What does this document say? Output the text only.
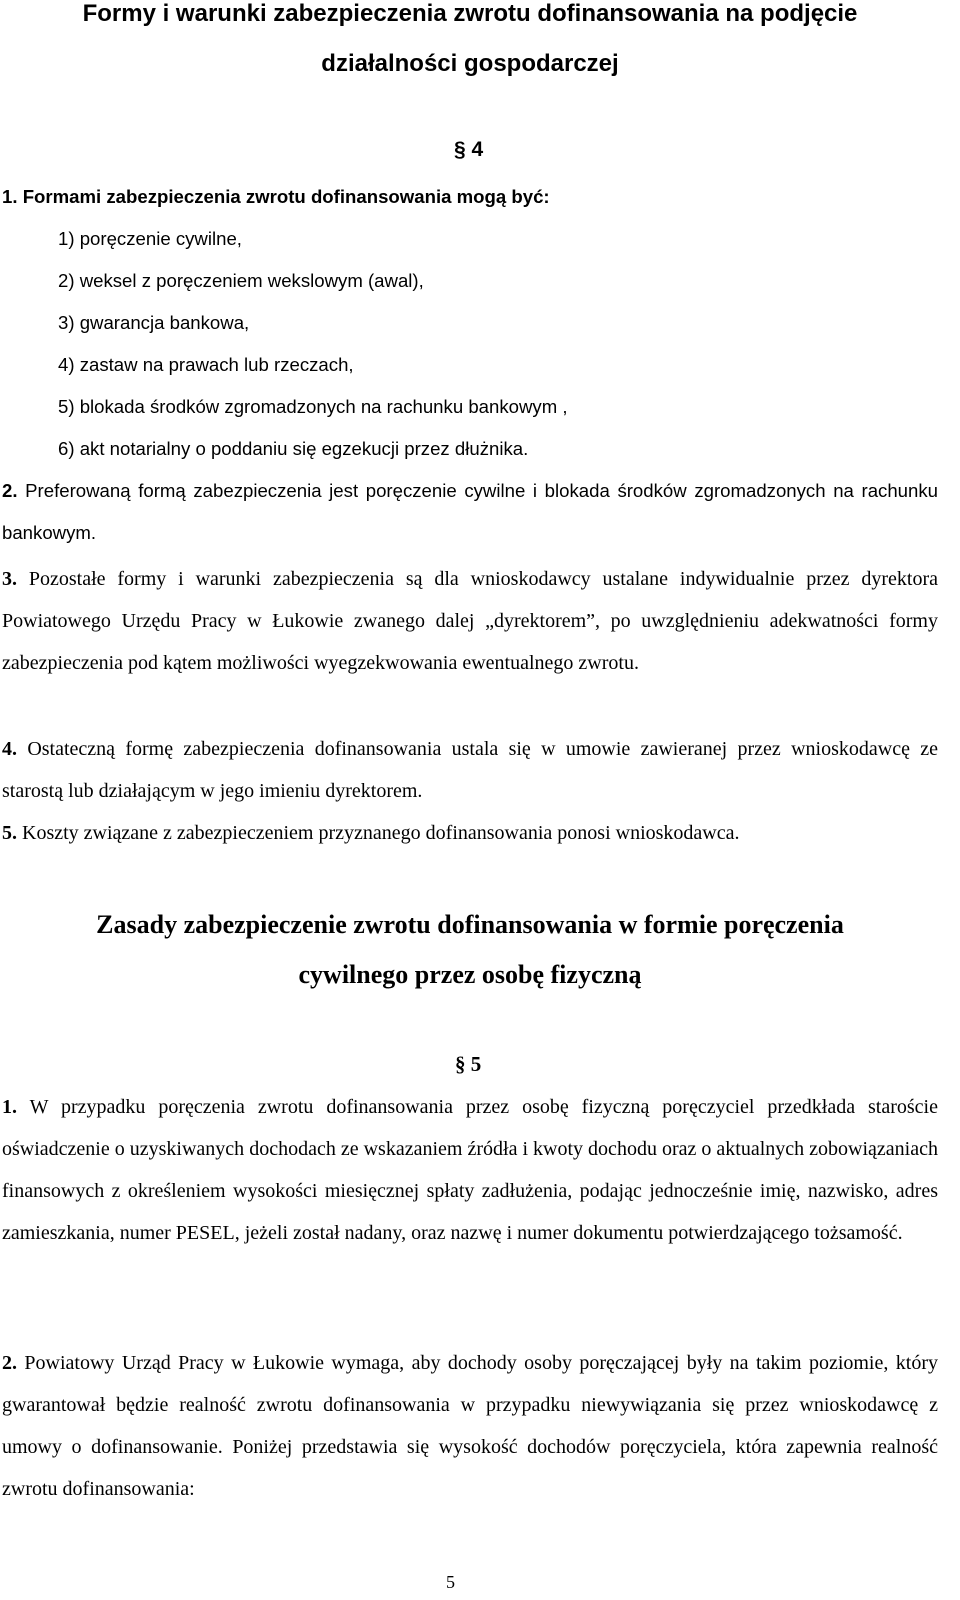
Formy i warunki zabezpieczenia zwrotu dofinansowania na podjęcie
działalności gospodarczej
§ 4
1. Formami zabezpieczenia zwrotu dofinansowania mogą być:
1) poręczenie cywilne,
2) weksel z poręczeniem wekslowym (awal),
3) gwarancja bankowa,
4) zastaw na prawach lub rzeczach,
5) blokada środków zgromadzonych na rachunku bankowym ,
6) akt notarialny o poddaniu się egzekucji przez dłużnika.
2. Preferowaną formą zabezpieczenia jest poręczenie cywilne i blokada środków zgromadzonych na rachunku bankowym.
3. Pozostałe formy i warunki zabezpieczenia są dla wnioskodawcy ustalane indywidualnie przez dyrektora Powiatowego Urzędu Pracy w Łukowie zwanego dalej „dyrektorem”, po uwzględnieniu adekwatności formy zabezpieczenia pod kątem możliwości wyegzekwowania ewentualnego zwrotu.
4. Ostateczną formę zabezpieczenia dofinansowania ustala się w umowie zawieranej przez wnioskodawcę ze starostą lub działającym w jego imieniu dyrektorem.
5. Koszty związane z zabezpieczeniem przyznanego dofinansowania ponosi wnioskodawca.
Zasady zabezpieczenie zwrotu dofinansowania w formie poręczenia
cywilnego przez osobę fizyczną
§ 5
1. W przypadku poręczenia zwrotu dofinansowania przez osobę fizyczną poręczyciel przedkłada staroście oświadczenie o uzyskiwanych dochodach ze wskazaniem źródła i kwoty dochodu oraz o aktualnych zobowiązaniach finansowych z określeniem wysokości miesięcznej spłaty zadłużenia, podając jednocześnie imię, nazwisko, adres zamieszkania, numer PESEL, jeżeli został nadany, oraz nazwę i numer dokumentu potwierdzającego tożsamość.
2. Powiatowy Urząd Pracy w Łukowie wymaga, aby dochody osoby poręczającej były na takim poziomie, który gwarantował będzie realność zwrotu dofinansowania w przypadku niewywiązania się przez wnioskodawcę z umowy o dofinansowanie. Poniżej przedstawia się wysokość dochodów poręczyciela, która zapewnia realność zwrotu dofinansowania:
5
